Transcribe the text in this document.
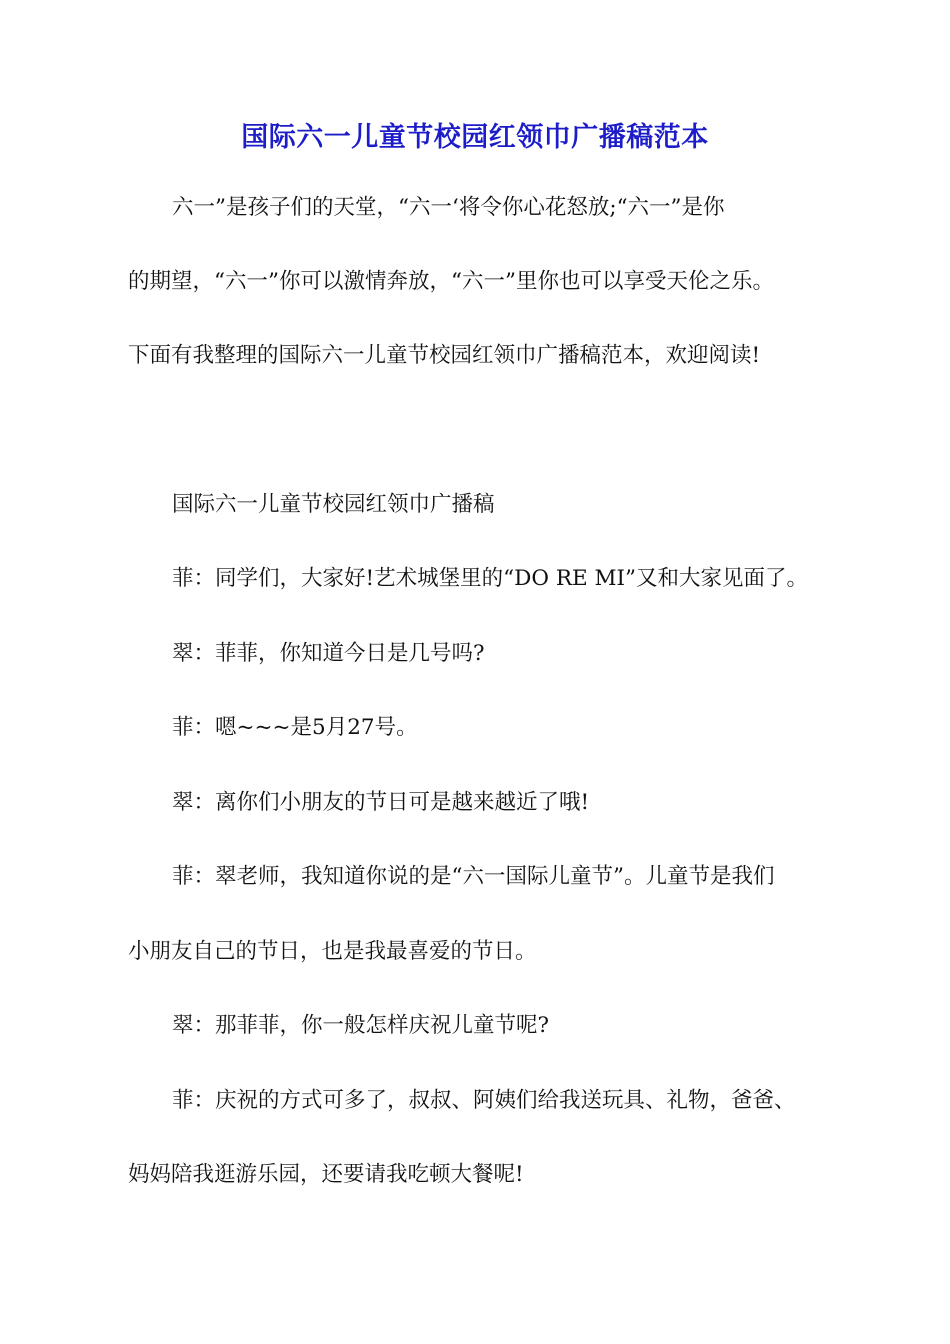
国际六一儿童节校园红领巾广播稿范本
六一”是孩子们的天堂，“六一‘将令你心花怒放;“六一”是你
的期望，“六一”你可以激情奔放，“六一”里你也可以享受天伦之乐。
下面有我整理的国际六一儿童节校园红领巾广播稿范本，欢迎阅读!
国际六一儿童节校园红领巾广播稿
菲：同学们，大家好!艺术城堡里的“DO RE MI”又和大家见面了。
翠：菲菲，你知道今日是几号吗?
菲：嗯~~~是5月27号。
翠：离你们小朋友的节日可是越来越近了哦!
菲：翠老师，我知道你说的是“六一国际儿童节”。儿童节是我们
小朋友自己的节日，也是我最喜爱的节日。
翠：那菲菲，你一般怎样庆祝儿童节呢?
菲：庆祝的方式可多了，叔叔、阿姨们给我送玩具、礼物，爸爸、
妈妈陪我逛游乐园，还要请我吃顿大餐呢!
